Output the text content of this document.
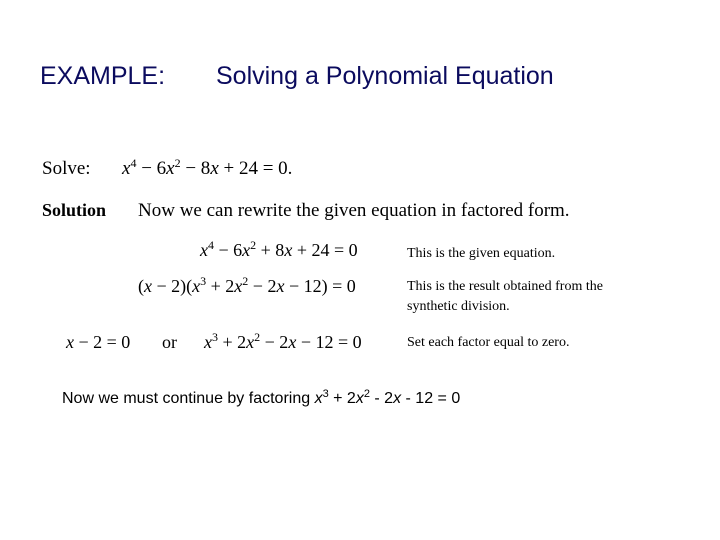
EXAMPLE: Solving a Polynomial Equation
Solve: $x^4 - 6x^2 - 8x + 24 = 0$.
Solution Now we can rewrite the given equation in factored form.
$x^4 - 6x^2 + 8x + 24 = 0$	This is the given equation.
$(x - 2)(x^3 + 2x^2 - 2x - 12) = 0$	This is the result obtained from the
synthetic division.
x − 2 = 0 or $x^3 + 2x^2 - 2x - 12 = 0$	Set each factor equal to zero.
Now we must continue by factoring $x^3 + 2x^2 - 2x - 12 = 0$
